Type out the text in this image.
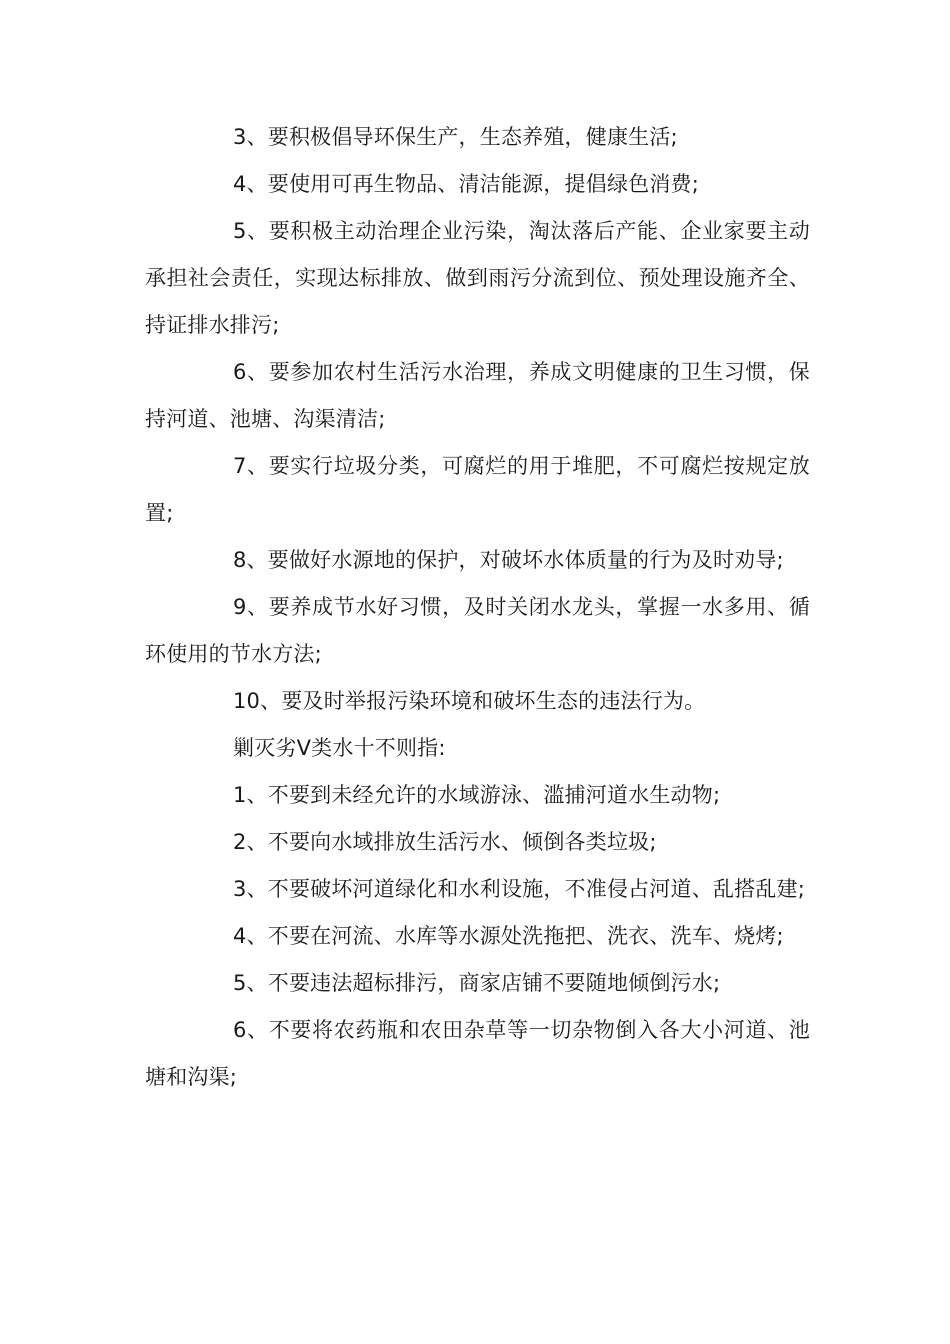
3、要积极倡导环保生产，生态养殖，健康生活;

4、要使用可再生物品、清洁能源，提倡绿色消费;

5、要积极主动治理企业污染，淘汰落后产能、企业家要主动承担社会责任，实现达标排放、做到雨污分流到位、预处理设施齐全、持证排水排污;

6、要参加农村生活污水治理，养成文明健康的卫生习惯，保持河道、池塘、沟渠清洁;

7、要实行垃圾分类，可腐烂的用于堆肥，不可腐烂按规定放置;

8、要做好水源地的保护，对破坏水体质量的行为及时劝导;

9、要养成节水好习惯，及时关闭水龙头，掌握一水多用、循环使用的节水方法;

10、要及时举报污染环境和破坏生态的违法行为。

剿灭劣Ⅴ类水十不则指:

1、不要到未经允许的水域游泳、滥捕河道水生动物;

2、不要向水域排放生活污水、倾倒各类垃圾;

3、不要破坏河道绿化和水利设施，不准侵占河道、乱搭乱建;

4、不要在河流、水库等水源处洗拖把、洗衣、洗车、烧烤;

5、不要违法超标排污，商家店铺不要随地倾倒污水;

6、不要将农药瓶和农田杂草等一切杂物倒入各大小河道、池塘和沟渠;
